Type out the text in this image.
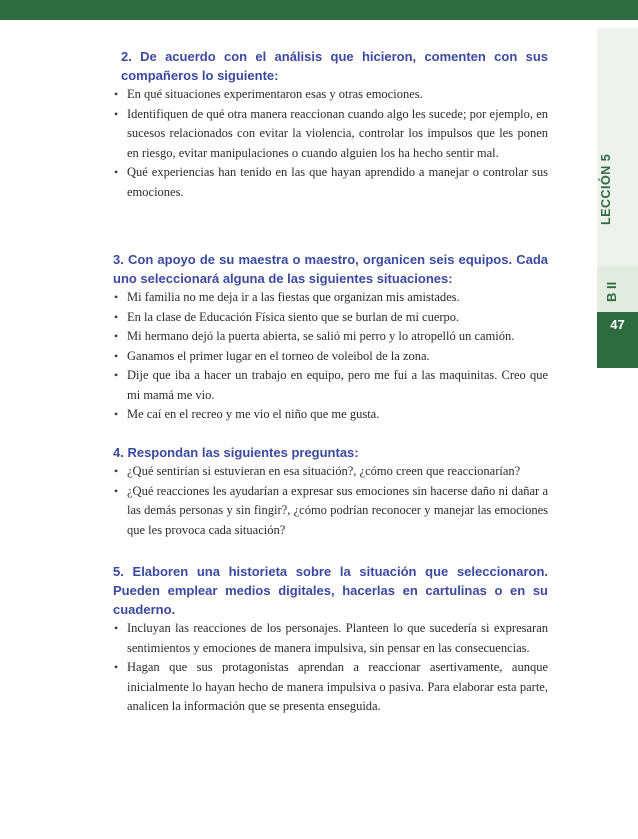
LECCIÓN 5
B II
47

2. De acuerdo con el análisis que hicieron, comenten con sus compañeros lo siguiente:

• En qué situaciones experimentaron esas y otras emociones.
• Identifiquen de qué otra manera reaccionan cuando algo les sucede; por ejemplo, en sucesos relacionados con evitar la violencia, controlar los impulsos que les ponen en riesgo, evitar manipulaciones o cuando alguien los ha hecho sentir mal.
• Qué experiencias han tenido en las que hayan aprendido a manejar o controlar sus emociones.

3. Con apoyo de su maestra o maestro, organicen seis equipos. Cada uno seleccionará alguna de las siguientes situaciones:

• Mi familia no me deja ir a las fiestas que organizan mis amistades.
• En la clase de Educación Física siento que se burlan de mi cuerpo.
• Mi hermano dejó la puerta abierta, se salió mi perro y lo atropelló un camión.
• Ganamos el primer lugar en el torneo de voleibol de la zona.
• Dije que iba a hacer un trabajo en equipo, pero me fui a las maquinitas. Creo que mi mamá me vio.
• Me caí en el recreo y me vio el niño que me gusta.

4. Respondan las siguientes preguntas:

• ¿Qué sentirían si estuvieran en esa situación?, ¿cómo creen que reaccionarían?
• ¿Qué reacciones les ayudarían a expresar sus emociones sin hacerse daño ni dañar a las demás personas y sin fingir?, ¿cómo podrían reconocer y manejar las emociones que les provoca cada situación?

5. Elaboren una historieta sobre la situación que seleccionaron. Pueden emplear medios digitales, hacerlas en cartulinas o en su cuaderno.

• Incluyan las reacciones de los personajes. Planteen lo que sucedería si expresaran sentimientos y emociones de manera impulsiva, sin pensar en las consecuencias.
• Hagan que sus protagonistas aprendan a reaccionar asertivamente, aunque inicialmente lo hayan hecho de manera impulsiva o pasiva. Para elaborar esta parte, analicen la información que se presenta enseguida.
